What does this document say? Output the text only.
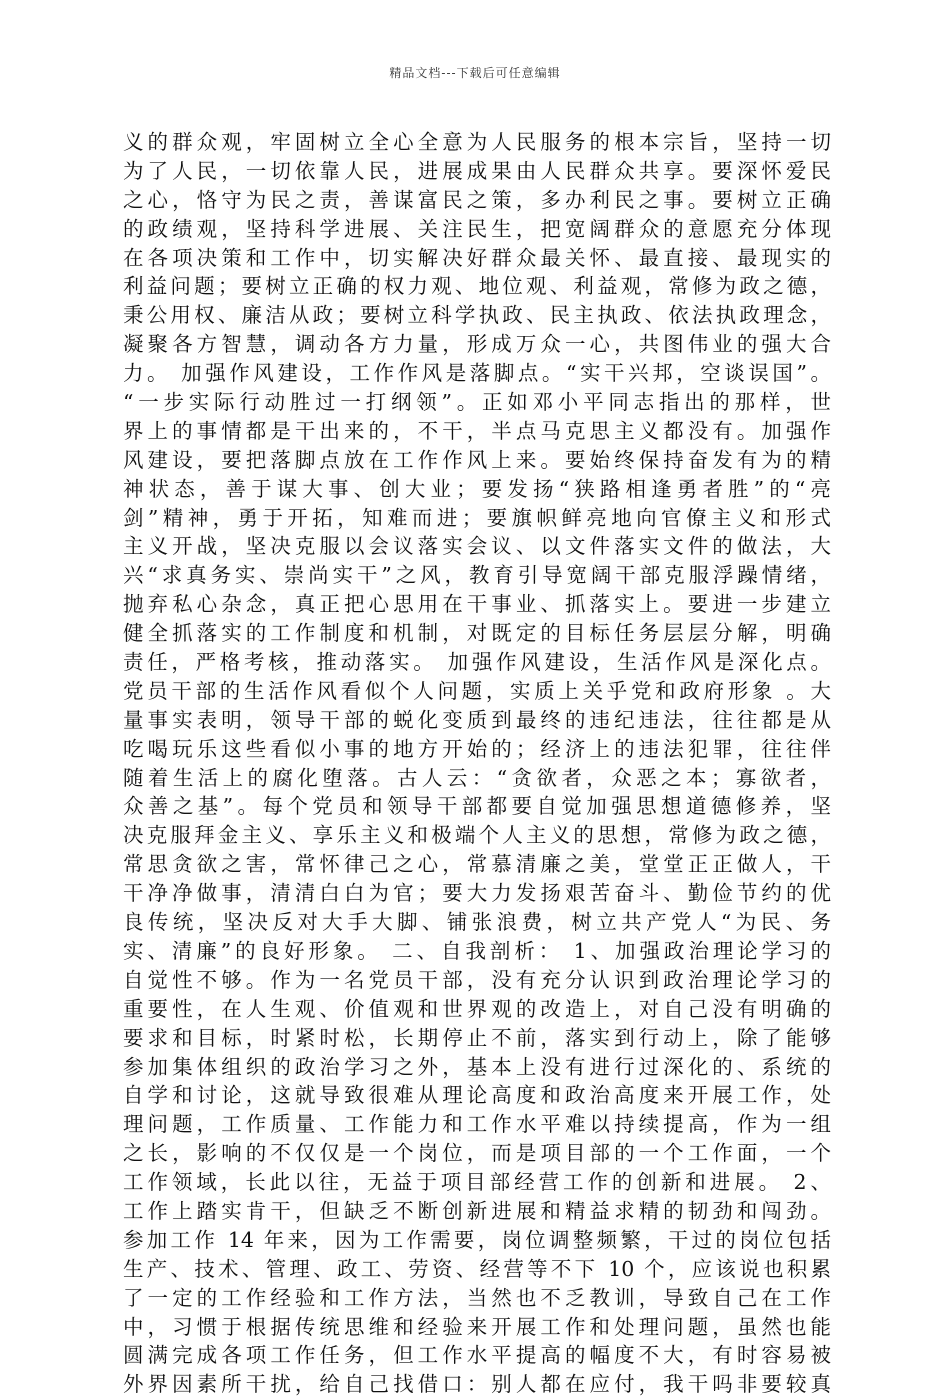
精品文档---下载后可任意编辑
义的群众观，牢固树立全心全意为人民服务的根本宗旨，坚持一切
为了人民，一切依靠人民，进展成果由人民群众共享。要深怀爱民
之心，恪守为民之责，善谋富民之策，多办利民之事。要树立正确
的政绩观，坚持科学进展、关注民生，把宽阔群众的意愿充分体现
在各项决策和工作中，切实解决好群众最关怀、最直接、最现实的
利益问题；要树立正确的权力观、地位观、利益观，常修为政之德，
秉公用权、廉洁从政；要树立科学执政、民主执政、依法执政理念，
凝聚各方智慧，调动各方力量，形成万众一心，共图伟业的强大合
力。 加强作风建设，工作作风是落脚点。“实干兴邦，空谈误国”。
“一步实际行动胜过一打纲领”。正如邓小平同志指出的那样，世
界上的事情都是干出来的，不干，半点马克思主义都没有。加强作
风建设，要把落脚点放在工作作风上来。要始终保持奋发有为的精
神状态，善于谋大事、创大业；要发扬“狭路相逢勇者胜”的“亮
剑”精神，勇于开拓，知难而进；要旗帜鲜亮地向官僚主义和形式
主义开战，坚决克服以会议落实会议、以文件落实文件的做法，大
兴“求真务实、崇尚实干”之风，教育引导宽阔干部克服浮躁情绪，
抛弃私心杂念，真正把心思用在干事业、抓落实上。要进一步建立
健全抓落实的工作制度和机制，对既定的目标任务层层分解，明确
责任，严格考核，推动落实。 加强作风建设，生活作风是深化点。
党员干部的生活作风看似个人问题，实质上关乎党和政府形象 。大
量事实表明，领导干部的蜕化变质到最终的违纪违法，往往都是从
吃喝玩乐这些看似小事的地方开始的；经济上的违法犯罪，往往伴
随着生活上的腐化堕落。古人云：“贪欲者，众恶之本；寡欲者，
众善之基”。每个党员和领导干部都要自觉加强思想道德修养，坚
决克服拜金主义、享乐主义和极端个人主义的思想，常修为政之德，
常思贪欲之害，常怀律己之心，常慕清廉之美，堂堂正正做人，干
干净净做事，清清白白为官；要大力发扬艰苦奋斗、勤俭节约的优
良传统，坚决反对大手大脚、铺张浪费，树立共产党人“为民、务
实、清廉”的良好形象。 二、自我剖析： 1、加强政治理论学习的
自觉性不够。作为一名党员干部，没有充分认识到政治理论学习的
重要性，在人生观、价值观和世界观的改造上，对自己没有明确的
要求和目标，时紧时松，长期停止不前，落实到行动上，除了能够
参加集体组织的政治学习之外，基本上没有进行过深化的、系统的
自学和讨论，这就导致很难从理论高度和政治高度来开展工作，处
理问题，工作质量、工作能力和工作水平难以持续提高，作为一组
之长，影响的不仅仅是一个岗位，而是项目部的一个工作面，一个
工作领域，长此以往，无益于项目部经营工作的创新和进展。 2、
工作上踏实肯干，但缺乏不断创新进展和精益求精的韧劲和闯劲。
参加工作 14 年来，因为工作需要，岗位调整频繁，干过的岗位包括
生产、技术、管理、政工、劳资、经营等不下 10 个，应该说也积累
了一定的工作经验和工作方法，当然也不乏教训，导致自己在工作
中，习惯于根据传统思维和经验来开展工作和处理问题，虽然也能
圆满完成各项工作任务，但工作水平提高的幅度不大，有时容易被
外界因素所干扰，给自己找借口：别人都在应付，我干吗非要较真
